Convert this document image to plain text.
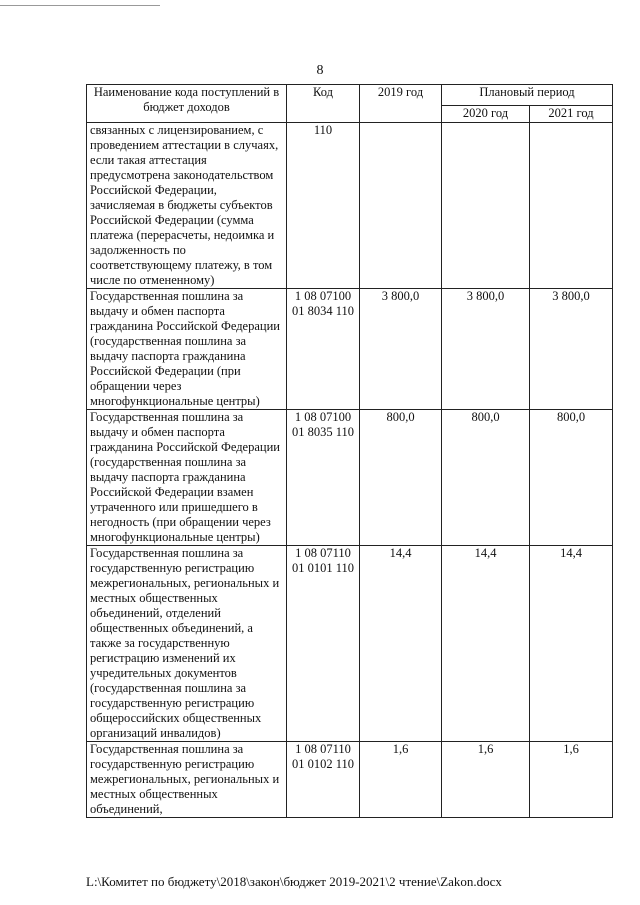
8
Наименование кода поступлений в бюджет доходов	Код	2019 год	Плановый период	
			2020 год	2021 год
связанных с лицензированием, с проведением аттестации в случаях, если такая аттестация предусмотрена законодательством Российской Федерации, зачисляемая в бюджеты субъектов Российской Федерации (сумма платежа (перерасчеты, недоимка и задолженность по соответствующему платежу, в том числе по отмененному)	110			
Государственная пошлина за выдачу и обмен паспорта гражданина Российской Федерации (государственная пошлина за выдачу паспорта гражданина Российской Федерации (при обращении через многофункциональные центры)	1 08 07100 01 8034 110	3 800,0	3 800,0	3 800,0
Государственная пошлина за выдачу и обмен паспорта гражданина Российской Федерации (государственная пошлина за выдачу паспорта гражданина Российской Федерации взамен утраченного или пришедшего в негодность (при обращении через многофункциональные центры)	1 08 07100 01 8035 110	800,0	800,0	800,0
Государственная пошлина за государственную регистрацию межрегиональных, региональных и местных общественных объединений, отделений общественных объединений, а также за государственную регистрацию изменений их учредительных документов (государственная пошлина за государственную регистрацию общероссийских общественных организаций инвалидов)	1 08 07110 01 0101 110	14,4	14,4	14,4
Государственная пошлина за государственную регистрацию межрегиональных, региональных и местных общественных объединений,	1 08 07110 01 0102 110	1,6	1,6	1,6
L:\Комитет по бюджету\2018\закон\бюджет 2019-2021\2 чтение\Zakon.docx
